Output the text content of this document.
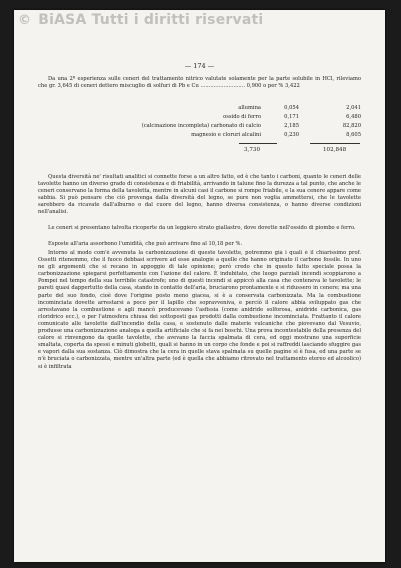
© BiASA Tutti i diritti riservati
— 174 —
Da una 2ª esperienza sulle ceneri del trattamento nitrico valutate solamente per la parte solubile in HCl, rileviamo che gr. 3,645 di ceneri dettero miscuglio di solfuri di Pb e Cu ........................... 0,900 o per % 3,422
allumina	0,054	2,041
ossido di ferro	0,171	6,480
(calcinazione incompleta) carbonato di calcio	2,185	82,820
magnesio e cloruri alcalini	0,230	8,605
3,730	102,848
Questa diversità ne' risultati analitici si connette forse a un altro fatto, ed è che tanto i carboni, quanto le ceneri delle tavolette hanno un diverso grado di consistenza e di friabilità, arrivando in talune fino la durezza a tal punto, che anche le ceneri conservano la forma della tavoletta, mentre in alcuni casi il carbone si rompe friabile, e la sua cenere appare come sabbia. Si può pensare che ciò provenga dalla diversità del legno, se pure non voglia ammettersi, che le tavolette sarebbero da ricavate dall'alburno o dal cuore del legno, hanno diversa consistenza, o hanno diverse condizioni nell'analisi.
Le ceneri si presentano talvolta ricoperte da un leggiero strato giallastro, dove dovette nell'ossido di piombo e ferro.
Esposte all'aria assorbono l'umidità, che può arrivare fino al 10,18 per %.
Intorno al modo com'è avvenuta la carbonizzazione di queste tavolette, potremmo già i quali è il chiarissimo prof. Ossetti ritenemmo, che il fuoco debbasi scrivere ad esse analogie a quelle che hanno originato il carbone fossile. In uno ne gli argomenti che si recano in appoggio di tale opinione; però credo che in questo fatto speciale possa la carbonizzazione spiegarsi perfettamente con l'azione del calore. È indubitato, che luogo parziali incendi scoppiarono a Pompei nel tempo della sua terribile catastrofe; uno di questi incendi si appiccò alla casa che conteneva le tavolette; le pareti quasi dappertutto della casa, stando in contatto dell'aria, bruciarono prontamente e si ridussero in cenere; ma una parte del suo fondo, cioè dove l'origine posto meno giacea, si è a conservata carbonizzata. Ma la combustione incominciata dovette arrestarsi a poco per il lapillo che sopravveniva, e perciò il calore abbia sviluppato gas che arrestavano la combustione e agli mancò producevano l'asfissia (come anidride solforosa, anidride carbonica, gas cloridrico ecc.), o per l'atmosfera chiusa dei sottoposti gas prodotti dalla combustione incominciata. Frattanto il calore comunicato alle tavolette dall'incendio della casa, e sostenuto dalle materie vulcaniche che piovevano dal Vesuvio, produsse una carbonizzazione analoga a quella artificiale che si fa nei boschi. Una prova incontestabile della presenza del calore si rinvengono da quelle tavolette, che avevano la faccia spalmata di cera, ed oggi mostrano una superficie smaltata, coperta da spessi e minuti globetti, quali si hanno in un corpo che fonde e poi si raffreddi lasciando sfuggire gas e vapori dalla sua sostanza. Ciò dimostra che la cera in quelle stava spalmata su quelle pagine si è fusa, ed una parte se n'è bruciata o carbonizzata, mentre un'altra parte (ed è quella che abbiamo ritrovato nel trattamento etereo ed alcoolico) si è infiltrata
